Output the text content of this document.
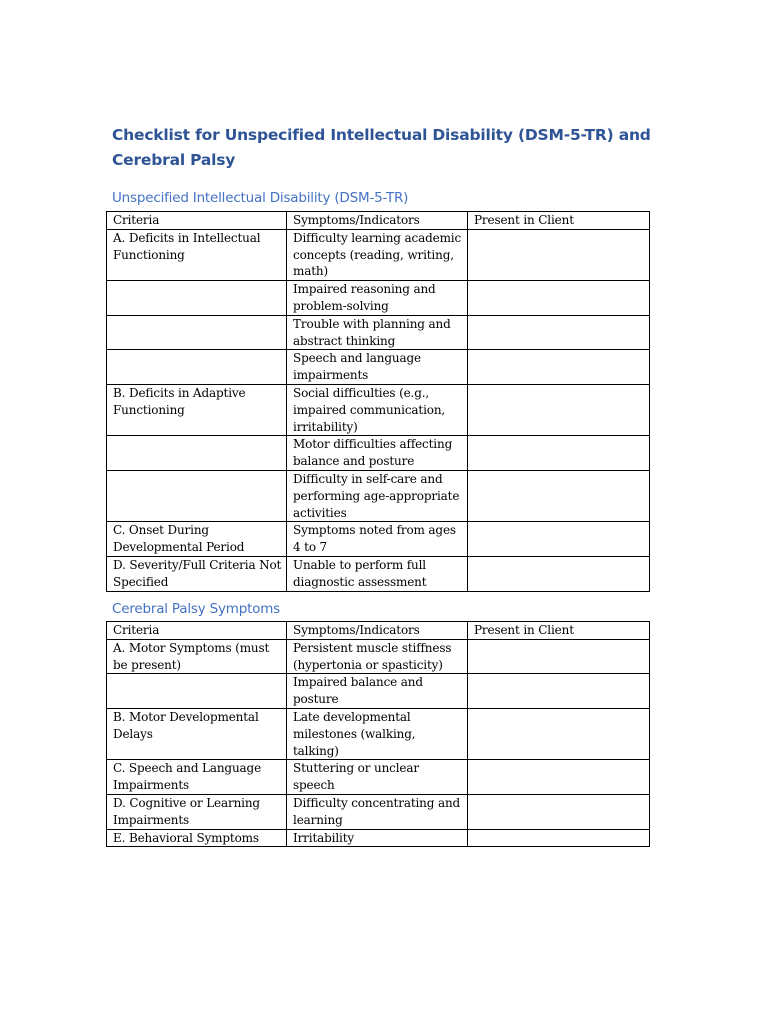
Checklist for Unspecified Intellectual Disability (DSM-5-TR) and Cerebral Palsy
Unspecified Intellectual Disability (DSM-5-TR)
Criteria	Symptoms/Indicators	Present in Client
A. Deficits in Intellectual Functioning	Difficulty learning academic concepts (reading, writing, math)	
	Impaired reasoning and problem-solving	
	Trouble with planning and abstract thinking	
	Speech and language impairments	
B. Deficits in Adaptive Functioning	Social difficulties (e.g., impaired communication, irritability)	
	Motor difficulties affecting balance and posture	
	Difficulty in self-care and performing age-appropriate activities	
C. Onset During Developmental Period	Symptoms noted from ages 4 to 7	
D. Severity/Full Criteria Not Specified	Unable to perform full diagnostic assessment	
Cerebral Palsy Symptoms
Criteria	Symptoms/Indicators	Present in Client
A. Motor Symptoms (must be present)	Persistent muscle stiffness (hypertonia or spasticity)	
	Impaired balance and posture	
B. Motor Developmental Delays	Late developmental milestones (walking, talking)	
C. Speech and Language Impairments	Stuttering or unclear speech	
D. Cognitive or Learning Impairments	Difficulty concentrating and learning	
E. Behavioral Symptoms	Irritability	
